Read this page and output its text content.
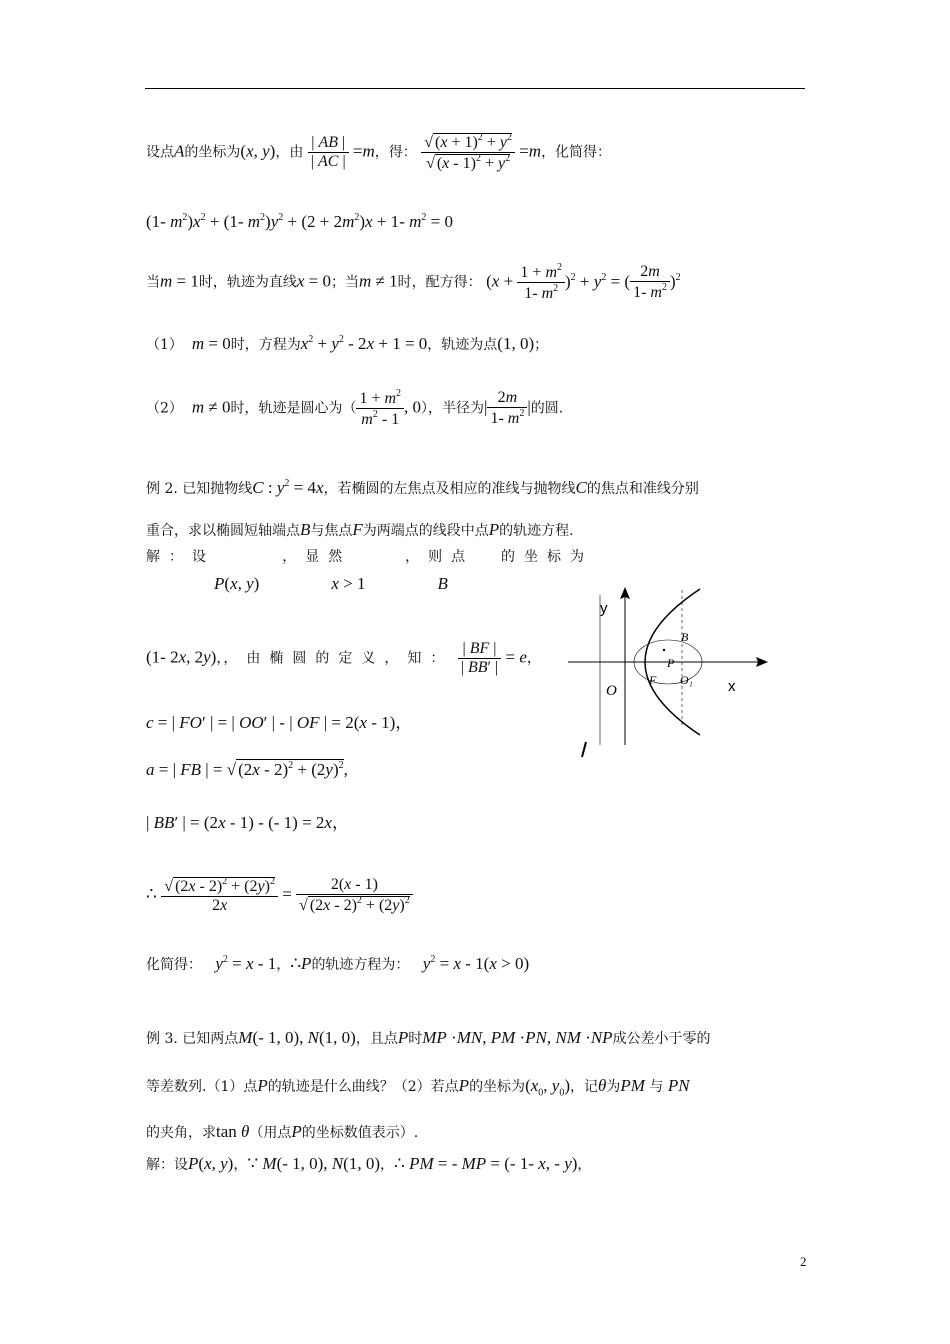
设点A的坐标为(x, y)，由 $\frac{| AB |}{| AC |} =m$，得： $\frac{√ (x + 1)^2 + y^2}{√ (x - 1)^2 + y^2} =m$，化简得：
(1- $m^2)x^2 + (1-$ $m^2)y^2 + (2 + 2m^2)x + 1-$ $m^2 = 0$
当m = 1时，轨迹为直线x = 0；当m ≠ 1时，配方得： $(x + \frac{1 + m^2}{1- m^2} )^2 + y^2$ = ( $\frac{2m}{1- m^2} )^2$
（1） m = 0时，方程为$x^2 + y^2 - 2x + 1 = 0$，轨迹为点(1, 0)；
（2） m ≠ 0时，轨迹是圆心为（ $\frac{1 + m^2}{m^2 - 1}$ , 0），半径为| $\frac{2m}{1- m^2}$ |的圆.
例 2. 已知抛物线C : $y^2 = 4x$，若椭圆的左焦点及相应的准线与抛物线C的焦点和准线分别
重合，求以椭圆短轴端点B与焦点F为两端点的线段中点P的轨迹方程.
解：设	，显然	，则点 的坐标为
P(x, y)	x > 1	B
(1- 2x, 2y)，，由椭圆的定义，知： $\frac{| BF |}{| BB' |} = e$，
c = | FO′ | = | OO′ | - | OF | = 2(x - 1)，
a = | FB | = √ $(2x - 2)^2 + (2y)^2$,
| BB′ | = (2x - 1) - (- 1) = 2x，
∴ $\frac{√ (2x - 2)^2 + (2y)^2}{2x} = \frac{2(x - 1)}{√ (2x - 2)^2 + (2y)^2}$
化简得： $y^2 = x - 1$，∴P的轨迹方程为： $y^2 = x - 1(x > 0)$
例 3. 已知两点M(- 1, 0), N(1, 0)，且点P时MP ·MN, PM ·PN, NM ·NP成公差小于零的
等差数列.（1）点P的轨迹是什么曲线？（2）若点P的坐标为($x_0$, $y_0$)，记θ为PM 与 PN
的夹角，求tan θ（用点P的坐标数值表示）.
解：设P(x, y)，∵ M(- 1, 0), N(1, 0)，∴ PM = - MP = (- 1- x, - y)，
y
x
O
B
P
F O₁
2
